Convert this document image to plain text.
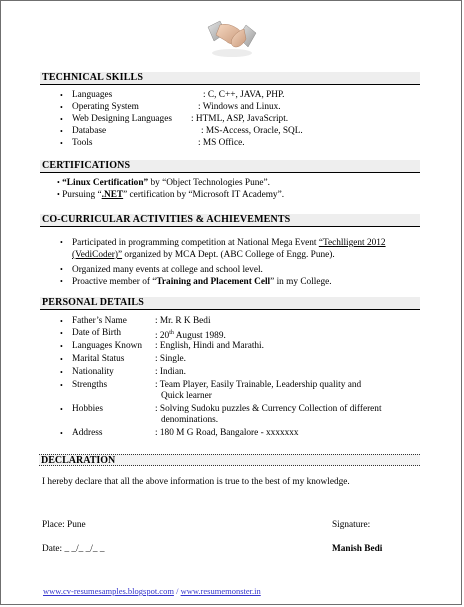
TECHNICAL SKILLS
• Languages	: C, C++, JAVA, PHP.
• Operating System	: Windows and Linux.
• Web Designing Languages : HTML, ASP, JavaScript.
• Database	: MS-Access, Oracle, SQL.
• Tools	: MS Office.
CERTIFICATIONS
• “Linux Certification” by “Object Technologies Pune”.
• Pursuing “.NET” certification by “Microsoft IT Academy”.
CO-CURRICULAR ACTIVITIES & ACHIEVEMENTS
• Participated in programming competition at National Mega Event “Techlligent 2012
(VediCoder)” organized by MCA Dept. (ABC College of Engg. Pune).
• Organized many events at college and school level.
• Proactive member of “Training and Placement Cell” in my College.
PERSONAL DETAILS
• Father’s Name	: Mr. R K Bedi
• Date of Birth	: 20th August 1989.
• Languages Known : English, Hindi and Marathi.
• Marital Status	: Single.
• Nationality	: Indian.
• Strengths	: Team Player, Easily Trainable, Leadership quality and
Quick learner
• Hobbies	: Solving Sudoku puzzles & Currency Collection of different
denominations.
• Address	: 180 M G Road, Bangalore - xxxxxxx
DECLARATION
I hereby declare that all the above information is true to the best of my knowledge.
Place: Pune	Signature:
Date: _ _/_ _/_ _	Manish Bedi
www.cv-resumesamples.blogspot.com / www.resumemonster.in
